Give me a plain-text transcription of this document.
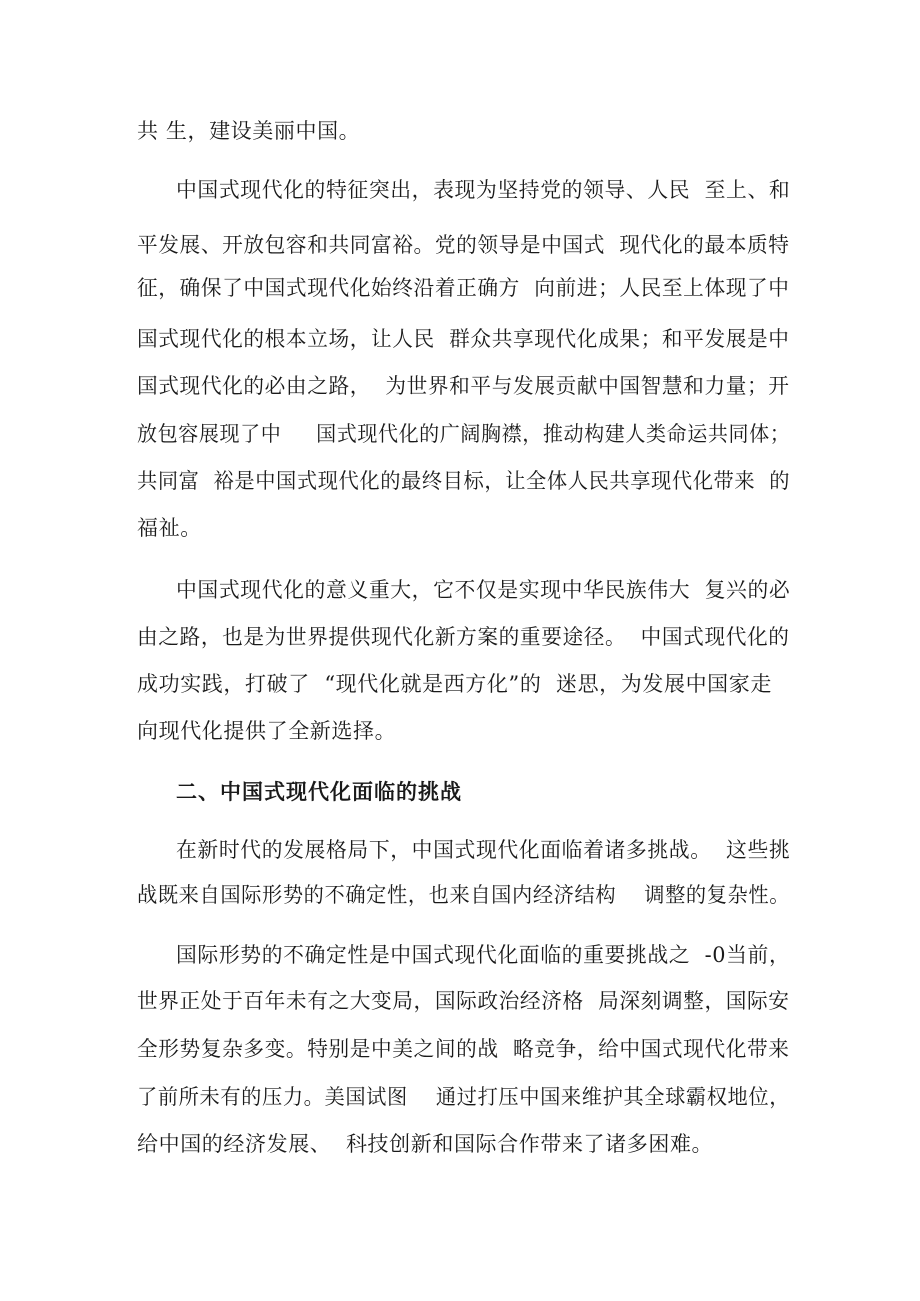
共 生，建设美丽中国。
中国式现代化的特征突出，表现为坚持党的领导、人民  至上、和
平发展、开放包容和共同富裕。党的领导是中国式  现代化的最本质特
征，确保了中国式现代化始终沿着正确方  向前进；人民至上体现了中
国式现代化的根本立场，让人民  群众共享现代化成果；和平发展是中
国式现代化的必由之路，  为世界和平与发展贡献中国智慧和力量；开
放包容展现了中     国式现代化的广阔胸襟，推动构建人类命运共同体；
共同富  裕是中国式现代化的最终目标，让全体人民共享现代化带来  的
福祉。
中国式现代化的意义重大，它不仅是实现中华民族伟大  复兴的必
由之路，也是为世界提供现代化新方案的重要途径。  中国式现代化的
成功实践，打破了  “现代化就是西方化”的  迷思，为发展中国家走
向现代化提供了全新选择。
二、中国式现代化面临的挑战
在新时代的发展格局下，中国式现代化面临着诸多挑战。  这些挑
战既来自国际形势的不确定性，也来自国内经济结构    调整的复杂性。
国际形势的不确定性是中国式现代化面临的重要挑战之  -0当前，
世界正处于百年未有之大变局，国际政治经济格  局深刻调整，国际安
全形势复杂多变。特别是中美之间的战  略竞争，给中国式现代化带来
了前所未有的压力。美国试图    通过打压中国来维护其全球霸权地位，
给中国的经济发展、  科技创新和国际合作带来了诸多困难。
